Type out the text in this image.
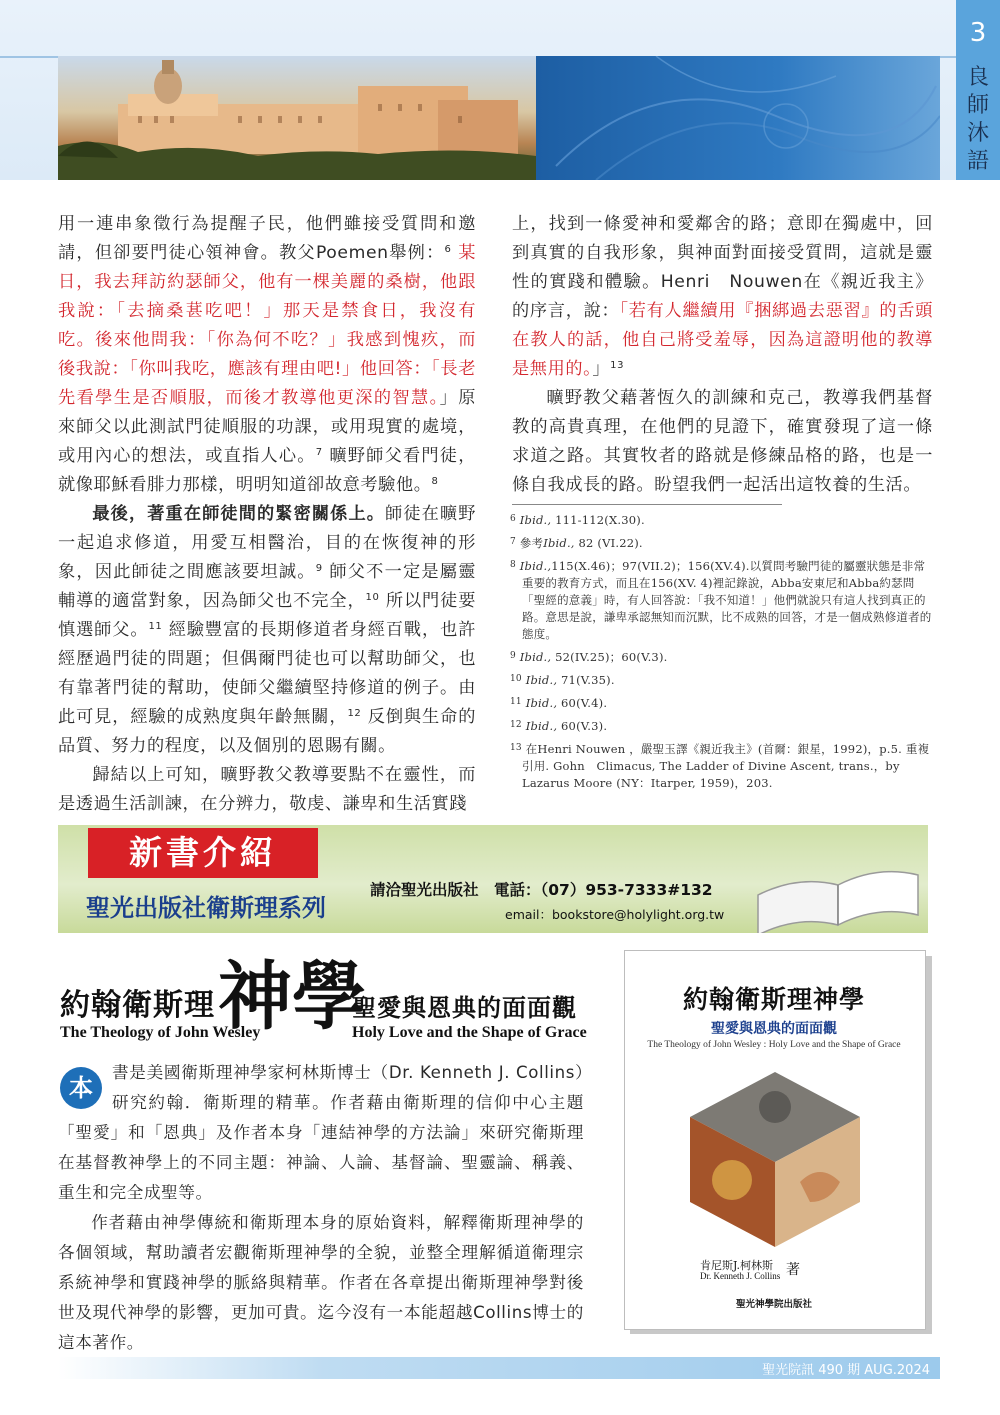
3
良
師
沐
語

用一連串象徵行為提醒子民，他們雖接受質問和邀請，但卻要門徒心領神會。教父Poemen舉例：$^6$ 某日，我去拜訪約瑟師父，他有一棵美麗的桑樹，他跟我說：「去摘桑葚吃吧！」那天是禁食日，我沒有吃。後來他問我：「你為何不吃？」我感到愧疚，而後我說：「你叫我吃，應該有理由吧!」他回答：「長老先看學生是否順服，而後才教導他更深的智慧。」原來師父以此測試門徒順服的功課，或用現實的處境，或用內心的想法，或直指人心。$^7$ 曠野師父看門徒，就像耶穌看腓力那樣，明明知道卻故意考驗他。$^8$

最後，著重在師徒間的緊密關係上。師徒在曠野一起追求修道，用愛互相醫治，目的在恢復神的形象，因此師徒之間應該要坦誠。$^9$ 師父不一定是屬靈輔導的適當對象，因為師父也不完全，$^{10}$ 所以門徒要慎選師父。$^{11}$ 經驗豐富的長期修道者身經百戰，也許經歷過門徒的問題；但偶爾門徒也可以幫助師父，也有靠著門徒的幫助，使師父繼續堅持修道的例子。由此可見，經驗的成熟度與年齡無關，$^{12}$ 反倒與生命的品質、努力的程度，以及個別的恩賜有關。

歸結以上可知，曠野教父教導要點不在靈性，而是透過生活訓諫，在分辨力，敬虔、謙卑和生活實踐

上，找到一條愛神和愛鄰舍的路；意即在獨處中，回到真實的自我形象，與神面對面接受質問，這就是靈性的實踐和體驗。Henri　Nouwen在《親近我主》的序言，說：「若有人繼續用『捆綁過去惡習』的舌頭在教人的話，他自己將受羞辱，因為這證明他的教導是無用的。」$^{13}$

曠野教父藉著恆久的訓練和克己，教導我們基督教的高貴真理，在他們的見證下，確實發現了這一條求道之路。其實牧者的路就是修練品格的路，也是一條自我成長的路。盼望我們一起活出這牧養的生活。

$^6$ Ibid., 111-112(X.30).
$^7$ 參考Ibid., 82 (VI.22).
$^8$ Ibid.,115(X.46)；97(VII.2)；156(XV.4).以質問考驗門徒的屬靈狀態是非常重要的教育方式，而且在156(XV. 4)裡記錄說，Abba安東尼和Abba約瑟問「聖經的意義」時，有人回答說：「我不知道！」他們就說只有這人找到真正的路。意思是說，謙卑承認無知而沉默，比不成熟的回答，才是一個成熟修道者的態度。
$^9$ Ibid., 52(IV.25)；60(V.3).
$^{10}$ Ibid., 71(V.35).
$^{11}$ Ibid., 60(V.4).
$^{12}$ Ibid., 60(V.3).
$^{13}$ 在Henri Nouwen ，嚴聖玉譯《親近我主》(首爾：銀星，1992)，p.5. 重複引用. Gohn　Climacus, The Ladder of Divine Ascent, trans.，by Lazarus Moore (NY：Itarper, 1959)，203.
新書介紹
聖光出版社衛斯理系列
請洽聖光出版社　電話：（07）953-7333#132
email：bookstore@holylight.org.tw
約翰衛斯理 神學
聖愛與恩典的面面觀
The Theology of John Wesley	Holy Love and the Shape of Grace

書是美國衛斯理神學家柯林斯博士（Dr. Kenneth J. Collins）研究約翰．衛斯理的精華。作者藉由衛斯理的信仰中心主題「聖愛」和「恩典」及作者本身「連結神學的方法論」來研究衛斯理在基督教神學上的不同主題：神論、人論、基督論、聖靈論、稱義、重生和完全成聖等。

作者藉由神學傳統和衛斯理本身的原始資料，解釋衛斯理神學的各個領域，幫助讀者宏觀衛斯理神學的全貌，並整全理解循道衛理宗系統神學和實踐神學的脈絡與精華。作者在各章提出衛斯理神學對後世及現代神學的影響，更加可貴。迄今沒有一本能超越Collins博士的這本著作。

本
約翰衛斯理神學
聖愛與恩典的面面觀
The Theology of John Wesley : Holy Love and the Shape of Grace
肯尼斯J.柯林斯
Dr. Kenneth J. Collins 著
聖光神學院出版社
聖光院訊 490 期 AUG.2024
